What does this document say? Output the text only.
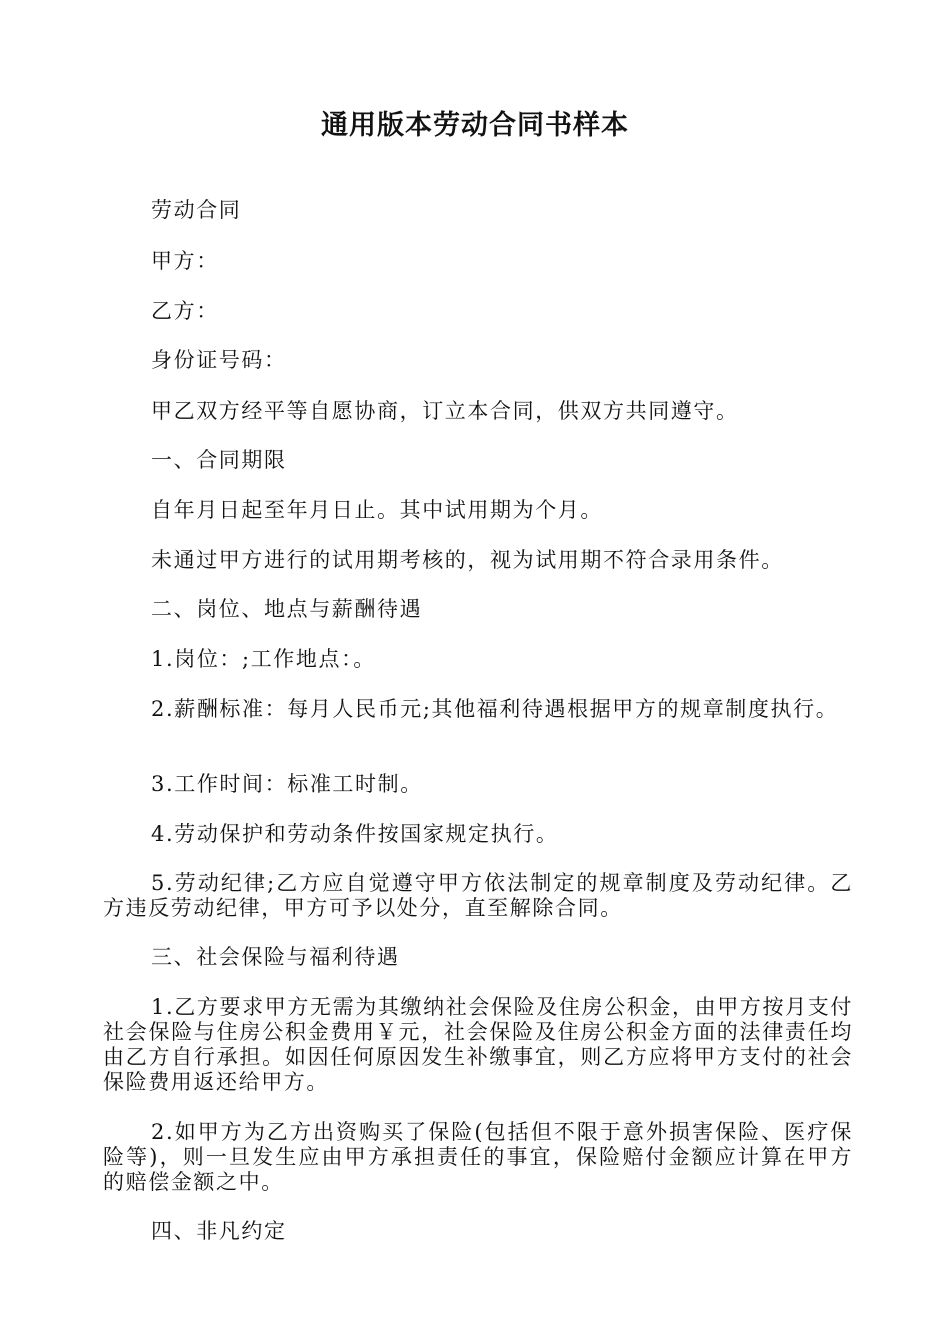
通用版本劳动合同书样本
劳动合同
甲方：
乙方：
身份证号码：
甲乙双方经平等自愿协商，订立本合同，供双方共同遵守。
一、合同期限
自年月日起至年月日止。其中试用期为个月。
未通过甲方进行的试用期考核的，视为试用期不符合录用条件。
二、岗位、地点与薪酬待遇
1.岗位：;工作地点：。
2.薪酬标准：每月人民币元;其他福利待遇根据甲方的规章制度执行。
3.工作时间：标准工时制。
4.劳动保护和劳动条件按国家规定执行。
5.劳动纪律;乙方应自觉遵守甲方依法制定的规章制度及劳动纪律。乙方违反劳动纪律，甲方可予以处分，直至解除合同。
三、社会保险与福利待遇
1.乙方要求甲方无需为其缴纳社会保险及住房公积金，由甲方按月支付社会保险与住房公积金费用￥元，社会保险及住房公积金方面的法律责任均由乙方自行承担。如因任何原因发生补缴事宜，则乙方应将甲方支付的社会保险费用返还给甲方。
2.如甲方为乙方出资购买了保险(包括但不限于意外损害保险、医疗保险等)，则一旦发生应由甲方承担责任的事宜，保险赔付金额应计算在甲方的赔偿金额之中。
四、非凡约定
